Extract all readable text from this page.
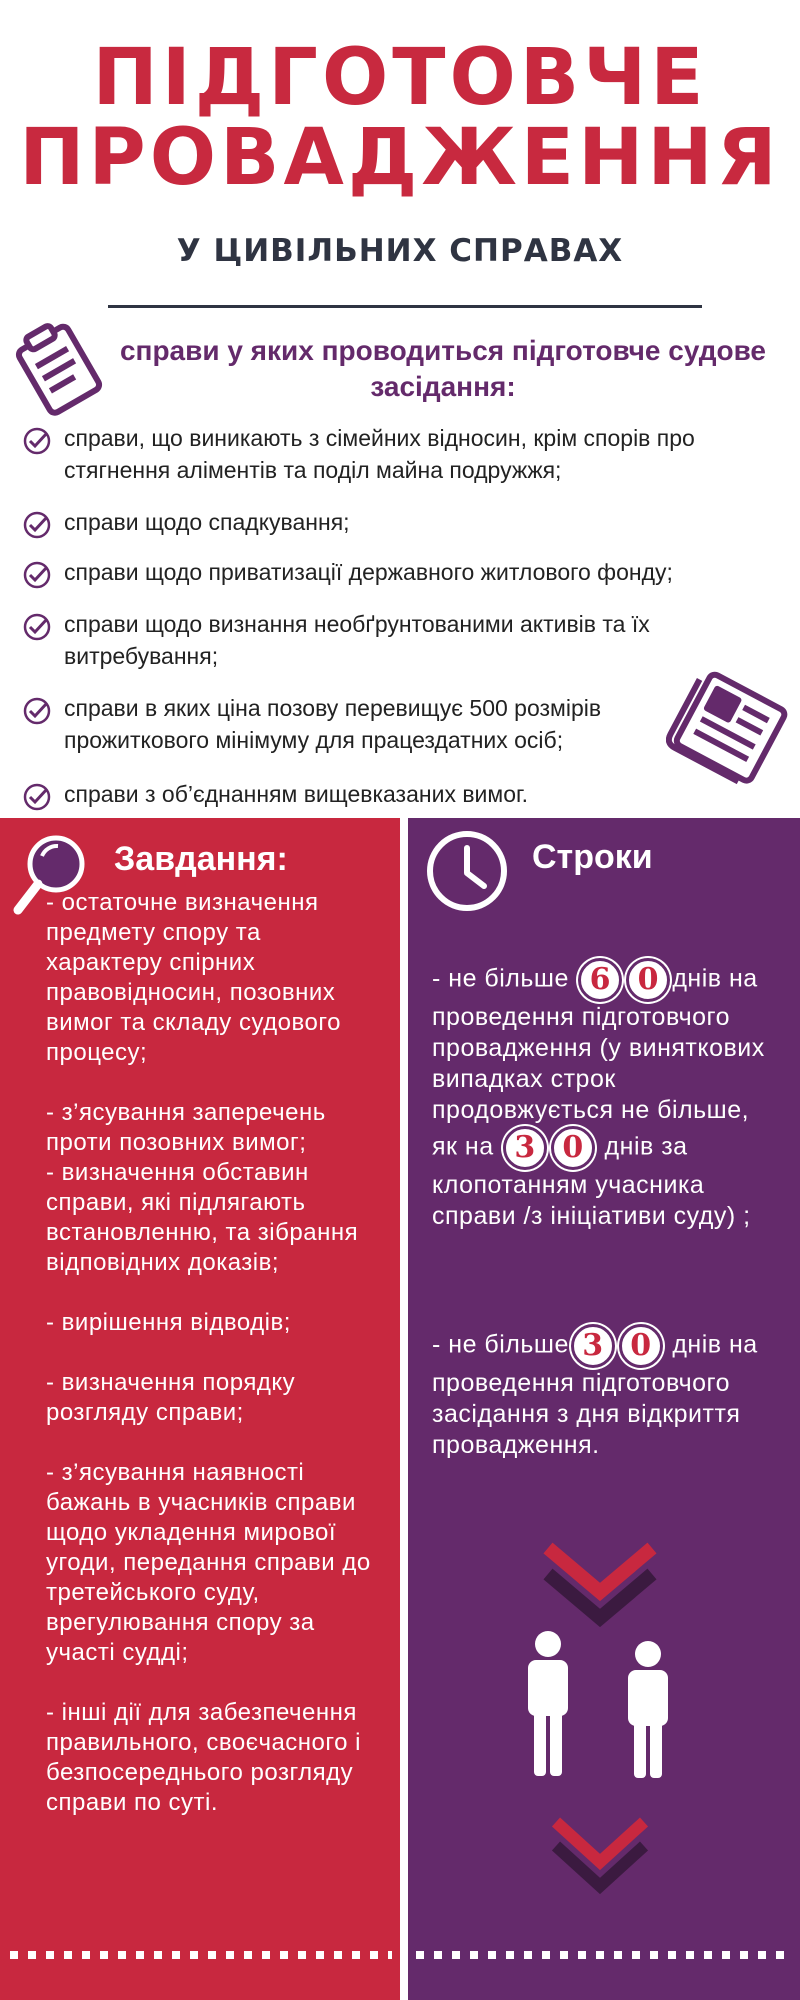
ПІДГОТОВЧЕ
ПРОВАДЖЕННЯ
У ЦИВІЛЬНИХ СПРАВАХ
справи у яких проводиться підготовче судове засідання:
справи, що виникають з сімейних відносин, крім спорів про стягнення аліментів та поділ майна подружжя;
справи щодо спадкування;
справи щодо приватизації державного житлового фонду;
справи щодо визнання необґрунтованими активів та їх витребування;
справи в яких ціна позову перевищує 500 розмірів прожиткового мінімуму для працездатних осіб;
справи з об’єднанням вищевказаних вимог.
Завдання:

- остаточне визначення предмету спору та характеру спірних правовідносин, позовних вимог та складу судового процесу;

- з’ясування заперечень проти позовних вимог;

- визначення обставин справи, які підлягають встановленню, та зібрання відповідних доказів;

- вирішення відводів;

- визначення порядку розгляду справи;

- з’ясування наявності бажань в учасників справи щодо укладення мирової угоди, передання справи до третейського суду, врегулювання спору за участі судді;

- інші дії для забезпечення правильного, своєчасного і безпосереднього розгляду справи по суті.

Строки
- не більше 6 0 днів на проведення підготовчого провадження (у виняткових випадках строк продовжується не більше, як на 3 0 днів за клопотанням учасника справи /з ініціативи суду) ;
- не більше 3 0 днів на проведення підготовчого засідання з дня відкриття провадження.
